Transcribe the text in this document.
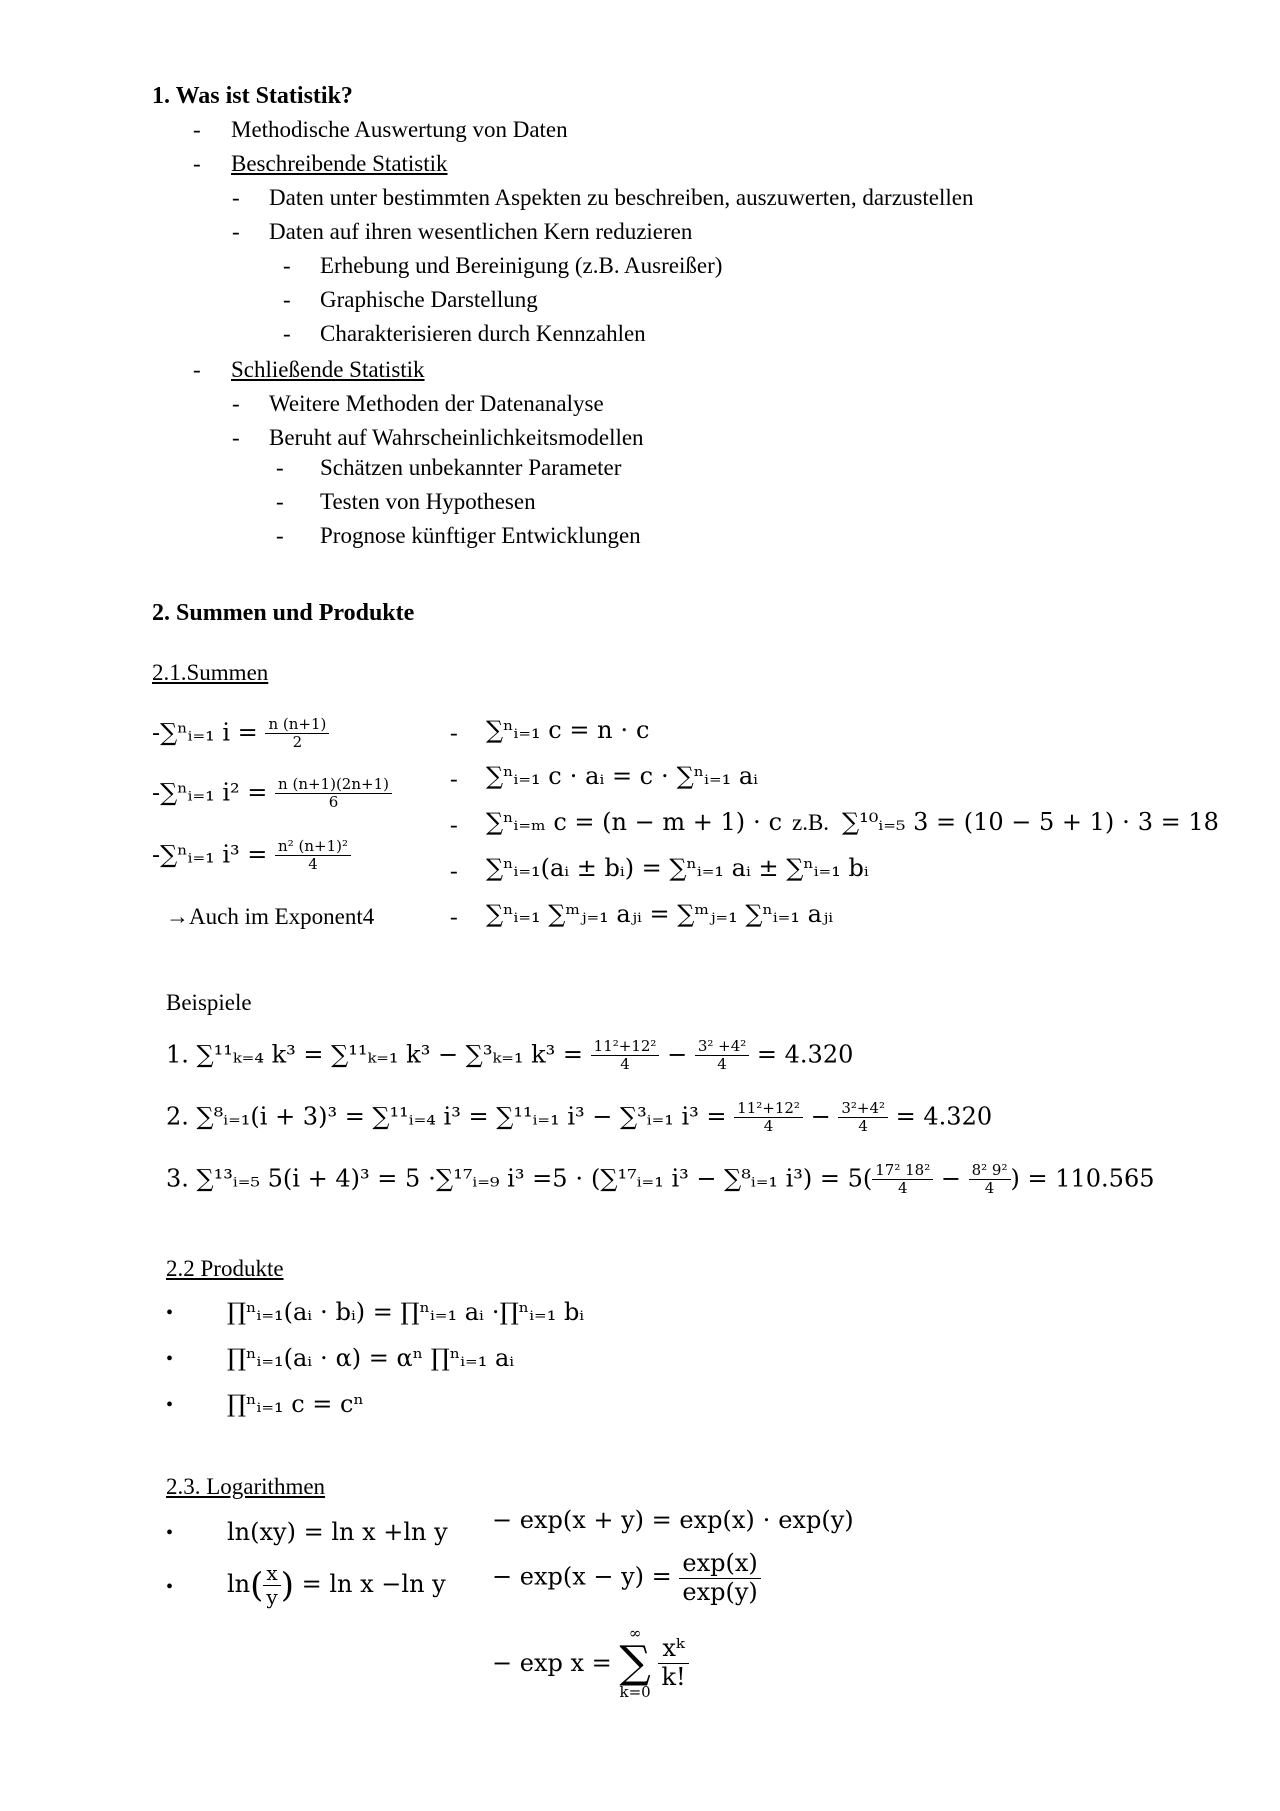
1. Was ist Statistik?
- Methodische Auswertung von Daten
- Beschreibende Statistik
- Daten unter bestimmten Aspekten zu beschreiben, auszuwerten, darzustellen
- Daten auf ihren wesentlichen Kern reduzieren
- Erhebung und Bereinigung (z.B. Ausreißer)
- Graphische Darstellung
- Charakterisieren durch Kennzahlen
- Schließende Statistik
- Weitere Methoden der Datenanalyse
- Beruht auf Wahrscheinlichkeitsmodellen
- Schätzen unbekannter Parameter
- Testen von Hypothesen
- Prognose künftiger Entwicklungen
2. Summen und Produkte
2.1.Summen
-∑ⁿᵢ₌₁ $i = \frac{n (n+1)}{2}$
-∑ⁿᵢ₌₁ $i^2 = \frac{n (n+1)(2n+1)}{6}$
-∑ⁿᵢ₌₁ $i^3 = \frac{\text{n² (n+1)²}}{4}$
→Auch im Exponent4
- ∑ⁿᵢ₌₁ c = n ⋅ c
- ∑ⁿᵢ₌₁ c ⋅ aᵢ = c ⋅ ∑ⁿᵢ₌₁ aᵢ
- ∑ⁿᵢ₌ₘ c = (n − m + 1) ⋅ c z.B. ∑¹⁰ᵢ₌₅ 3 = (10 − 5 + 1) ⋅ 3 = 18
- ∑ⁿᵢ₌₁(aᵢ ± bᵢ) = ∑ⁿᵢ₌₁ aᵢ ± ∑ⁿᵢ₌₁ bᵢ
- ∑ⁿᵢ₌₁ ∑ᵐⱼ₌₁ aⱼᵢ = ∑ᵐⱼ₌₁ ∑ⁿᵢ₌₁ aⱼᵢ
Beispiele
1. ∑¹¹ₖ₌₄ k³ = ∑¹¹ₖ₌₁ k³ − ∑³ₖ₌₁ $k^3 = \frac{\text{11²+12²}}{4} - \frac{\text{3² +4²}}{4} = 4.320$
2. ∑⁸ᵢ₌₁(i + 3)³ = ∑¹¹ᵢ₌₄ i³ = ∑¹¹ᵢ₌₁ i³ − ∑³ᵢ₌₁ $i^3 = \frac{\text{11²+12²}}{4} - \frac{\text{3²+4²}}{4} = 4.320$
3. ∑¹³ᵢ₌₅ 5(i + 4)³ = 5 ⋅∑¹⁷ᵢ₌₉ i³ =5 ⋅ (∑¹⁷ᵢ₌₁ i³ − ∑⁸ᵢ₌₁ $i^3) = 5( \frac{\text{17² 18²}}{4} - \frac{\text{8² 9²}}{4}$ ) = 110.565
2.2 Produkte
• ∏ⁿᵢ₌₁(aᵢ ⋅ bᵢ) = ∏ⁿᵢ₌₁ aᵢ ⋅∏ⁿᵢ₌₁ bᵢ
• ∏ⁿᵢ₌₁(aᵢ ⋅ α) = αⁿ ∏ⁿᵢ₌₁ aᵢ
• ∏ⁿᵢ₌₁ c = cⁿ
2.3. Logarithmen
• ln(xy) = ln x +ln y
• $\ln( \frac{x}{y}$ ) = ln x −ln y
− exp(x + y) = exp(x) ⋅ exp(y)
− $\exp(x - y) = \frac{\exp(x)}{\exp(y)}$
− exp x =
∞
∑
k=0

$\frac{\text{xᵏ}}{k!}$
